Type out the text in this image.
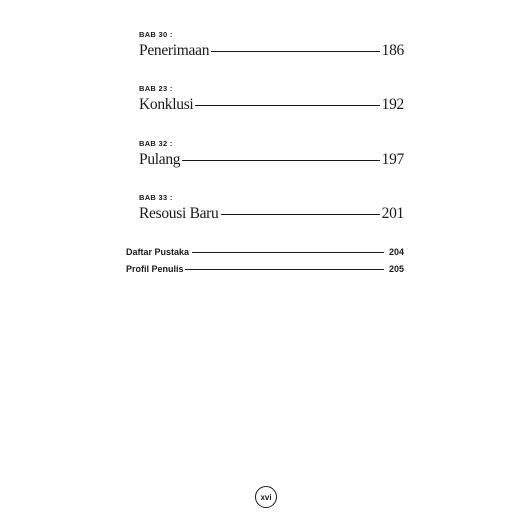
BAB 30 :
Penerimaan	186
BAB 23 :
Konklusi	192
BAB 32 :
Pulang	197
BAB 33 :
Resousi Baru	201
Daftar Pustaka	204
Profil Penulis	205
xvi
